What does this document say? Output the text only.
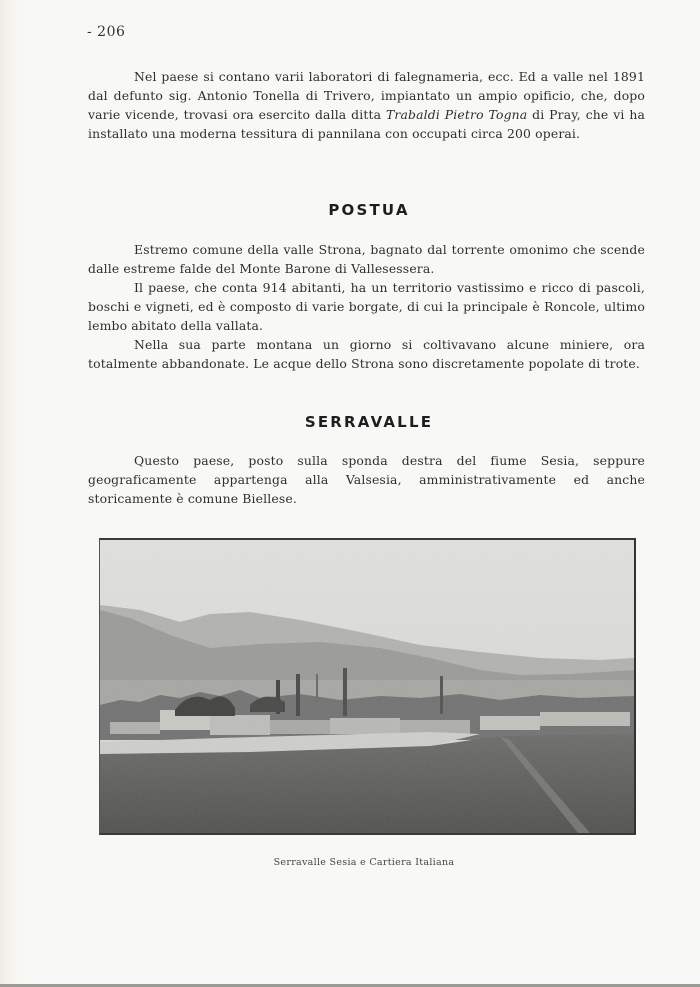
- 206

Nel paese si contano varii laboratori di falegnameria, ecc. Ed a valle nel 1891 dal defunto sig. Antonio Tonella di Trivero, impiantato un ampio opificio, che, dopo varie vicende, trovasi ora esercito dalla ditta Trabaldi Pietro Togna di Pray, che vi ha installato una moderna tessitura di pannilana con occupati circa 200 operai.

POSTUA

Estremo comune della valle Strona, bagnato dal torrente omonimo che scende dalle estreme falde del Monte Barone di Vallesessera.

Il paese, che conta 914 abitanti, ha un territorio vastissimo e ricco di pascoli, boschi e vigneti, ed è composto di varie borgate, di cui la principale è Roncole, ultimo lembo abitato della vallata.

Nella sua parte montana un giorno si coltivavano alcune miniere, ora totalmente abbandonate. Le acque dello Strona sono discretamente popolate di trote.

SERRAVALLE

Questo paese, posto sulla sponda destra del fiume Sesia, seppure geograficamente appartenga alla Valsesia, amministrativamente ed anche storicamente è comune Biellese.

Serravalle Sesia e Cartiera Italiana
